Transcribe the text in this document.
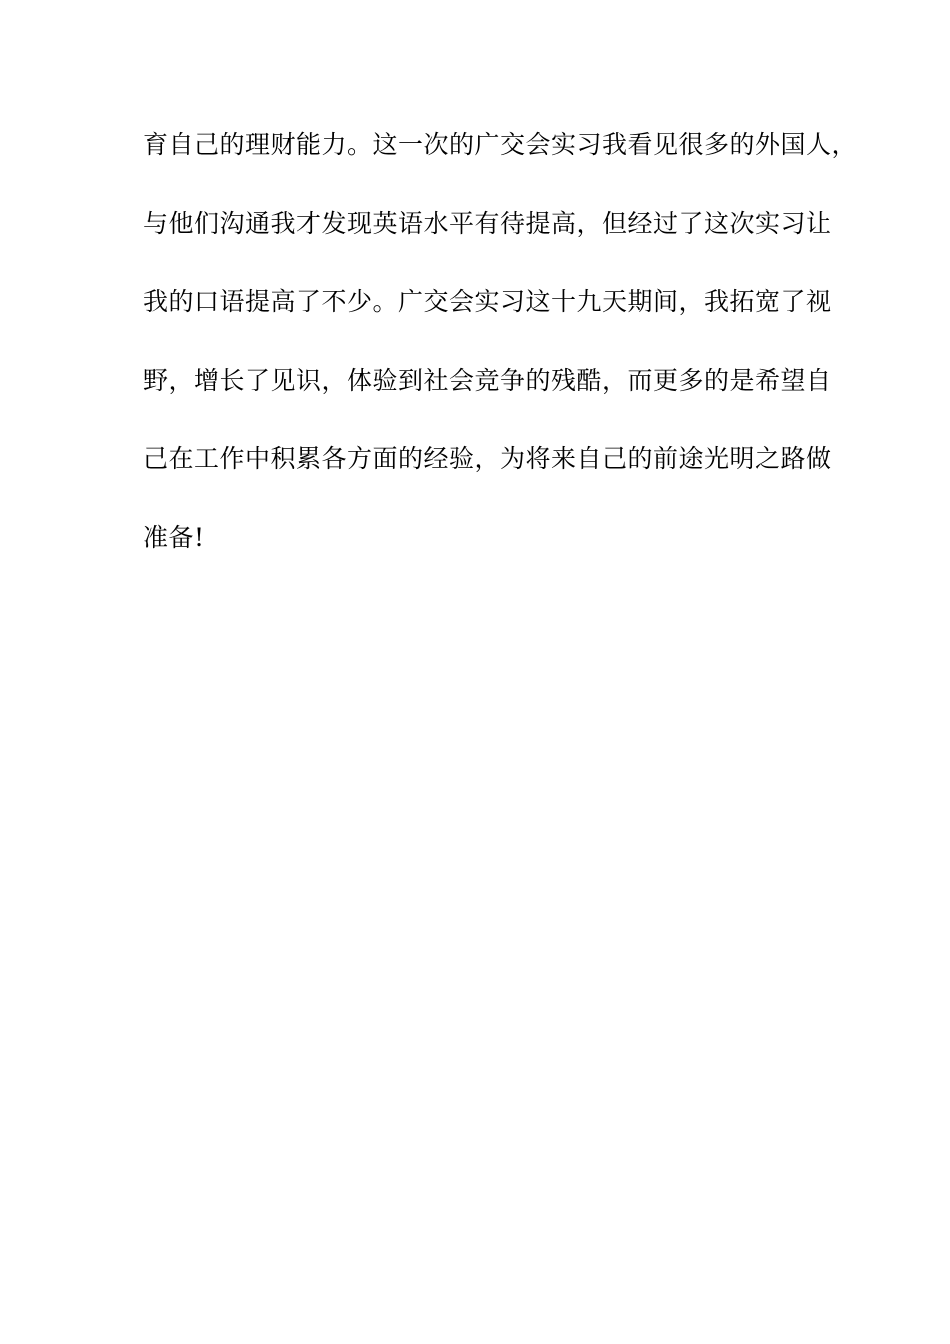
育自己的理财能力。这一次的广交会实习我看见很多的外国人，
与他们沟通我才发现英语水平有待提高，但经过了这次实习让
我的口语提高了不少。广交会实习这十九天期间，我拓宽了视
野，增长了见识，体验到社会竞争的残酷，而更多的是希望自
己在工作中积累各方面的经验，为将来自己的前途光明之路做
准备!
